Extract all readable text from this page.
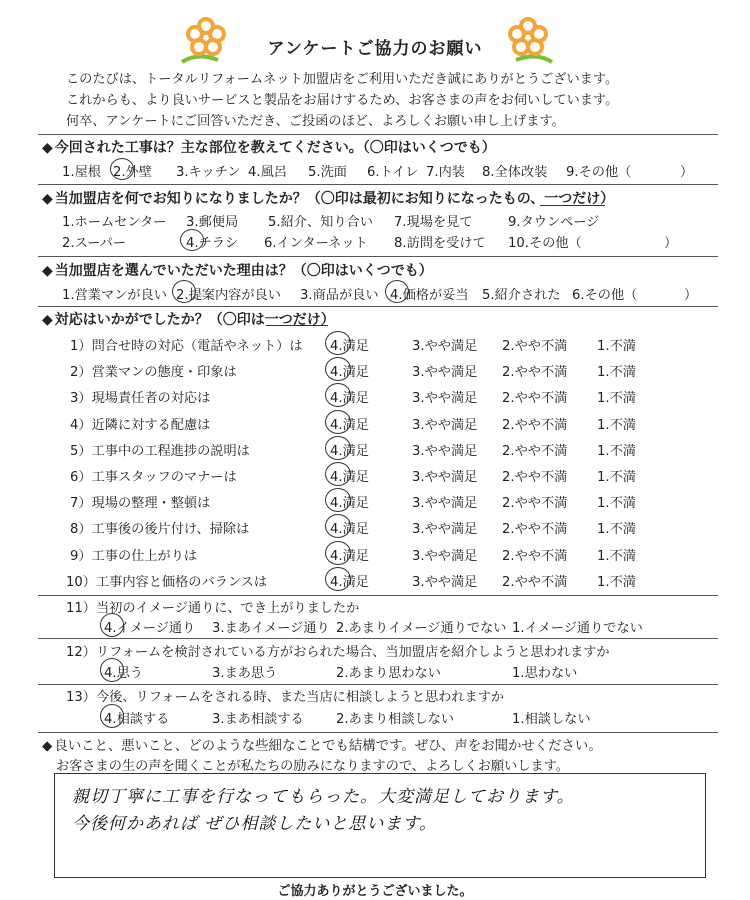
アンケートご協力のお願い
このたびは、トータルリフォームネット加盟店をご利用いただき誠にありがとうございます。
これからも、より良いサービスと製品をお届けするため、お客さまの声をお伺いしています。
何卒、アンケートにご回答いただき、ご投函のほど、よろしくお願い申し上げます。
◆ 今回された工事は？主な部位を教えてください。（〇印はいくつでも）
1.屋根 2.外壁 3.キッチン 4.風呂 5.洗面 6.トイレ 7.内装 8.全体改装 9.その他（	）
◆ 当加盟店を何でお知りになりましたか？（〇印は最初にお知りになったもの、一つだけ）
1.ホームセンター 3.郵便局 5.紹介、知り合い 7.現場を見て	9.タウンページ
2.スーパー	4.チラシ 6.インターネット 8.訪問を受けて 10.その他（	）
◆ 当加盟店を選んでいただいた理由は？（〇印はいくつでも）
1.営業マンが良い 2.提案内容が良い 3.商品が良い 4.価格が妥当 5.紹介された 6.その他（	）
◆ 対応はいかがでしたか？（〇印は一つだけ）
1）問合せ時の対応（電話やネット）は 4.満足	3.やや満足 2.やや不満 1.不満
2）営業マンの態度・印象は	4.満足	3.やや満足 2.やや不満 1.不満
3）現場責任者の対応は	4.満足	3.やや満足 2.やや不満 1.不満
4）近隣に対する配慮は	4.満足	3.やや満足 2.やや不満 1.不満
5）工事中の工程進捗の説明は	4.満足	3.やや満足 2.やや不満 1.不満
6）工事スタッフのマナーは	4.満足	3.やや満足 2.やや不満 1.不満
7）現場の整理・整頓は	4.満足	3.やや満足 2.やや不満 1.不満
8）工事後の後片付け、掃除は	4.満足	3.やや満足 2.やや不満 1.不満
9）工事の仕上がりは	4.満足	3.やや満足 2.やや不満 1.不満
10）工事内容と価格のバランスは	4.満足	3.やや満足 2.やや不満 1.不満
11）当初のイメージ通りに、でき上がりましたか
4.イメージ通り 3.まあイメージ通り 2.あまりイメージ通りでない 1.イメージ通りでない
12）リフォームを検討されている方がおられた場合、当加盟店を紹介しようと思われますか
4.思う	3.まあ思う	2.あまり思わない	1.思わない
13）今後、リフォームをされる時、また当店に相談しようと思われますか
4.相談する	3.まあ相談する 2.あまり相談しない	1.相談しない
◆ 良いこと、悪いこと、どのような些細なことでも結構です。ぜひ、声をお聞かせください。
お客さまの生の声を聞くことが私たちの励みになりますので、よろしくお願いします。
親切丁寧に工事を行なってもらった。大変満足しております。
今後何かあれば ぜひ相談したいと思います。
ご協力ありがとうございました。
